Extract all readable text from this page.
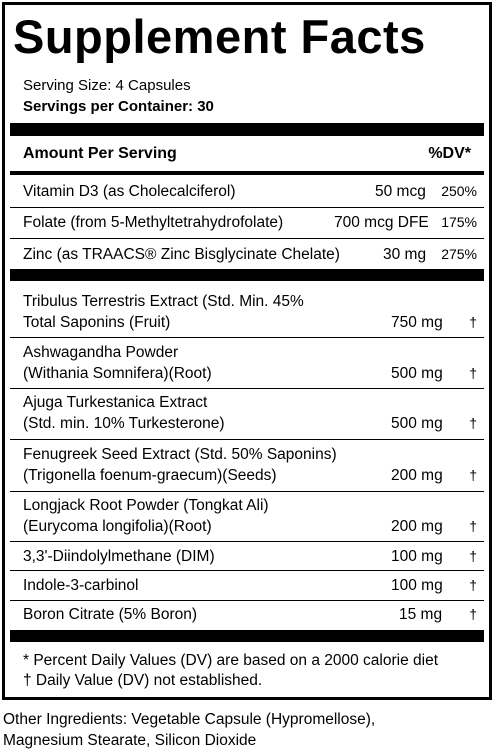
Supplement Facts
Serving Size: 4 Capsules
Servings per Container: 30
Amount Per Serving	%DV*
Vitamin D3 (as Cholecalciferol)	50 mcg 250%
Folate (from 5-Methyltetrahydrofolate)	700 mcg DFE 175%
Zinc (as TRAACS® Zinc Bisglycinate Chelate)	30 mg 275%
Tribulus Terrestris Extract (Std. Min. 45%
Total Saponins (Fruit)	750 mg †
Ashwagandha Powder
(Withania Somnifera)(Root)	500 mg †
Ajuga Turkestanica Extract
(Std. min. 10% Turkesterone)	500 mg †
Fenugreek Seed Extract (Std. 50% Saponins)
(Trigonella foenum-graecum)(Seeds)	200 mg †
Longjack Root Powder (Tongkat Ali)
(Eurycoma longifolia)(Root)	200 mg †
3,3'-Diindolylmethane (DIM)	100 mg †
Indole-3-carbinol	100 mg †
Boron Citrate (5% Boron)	15 mg †
* Percent Daily Values (DV) are based on a 2000 calorie diet
† Daily Value (DV) not established.
Other Ingredients: Vegetable Capsule (Hypromellose),
Magnesium Stearate, Silicon Dioxide
